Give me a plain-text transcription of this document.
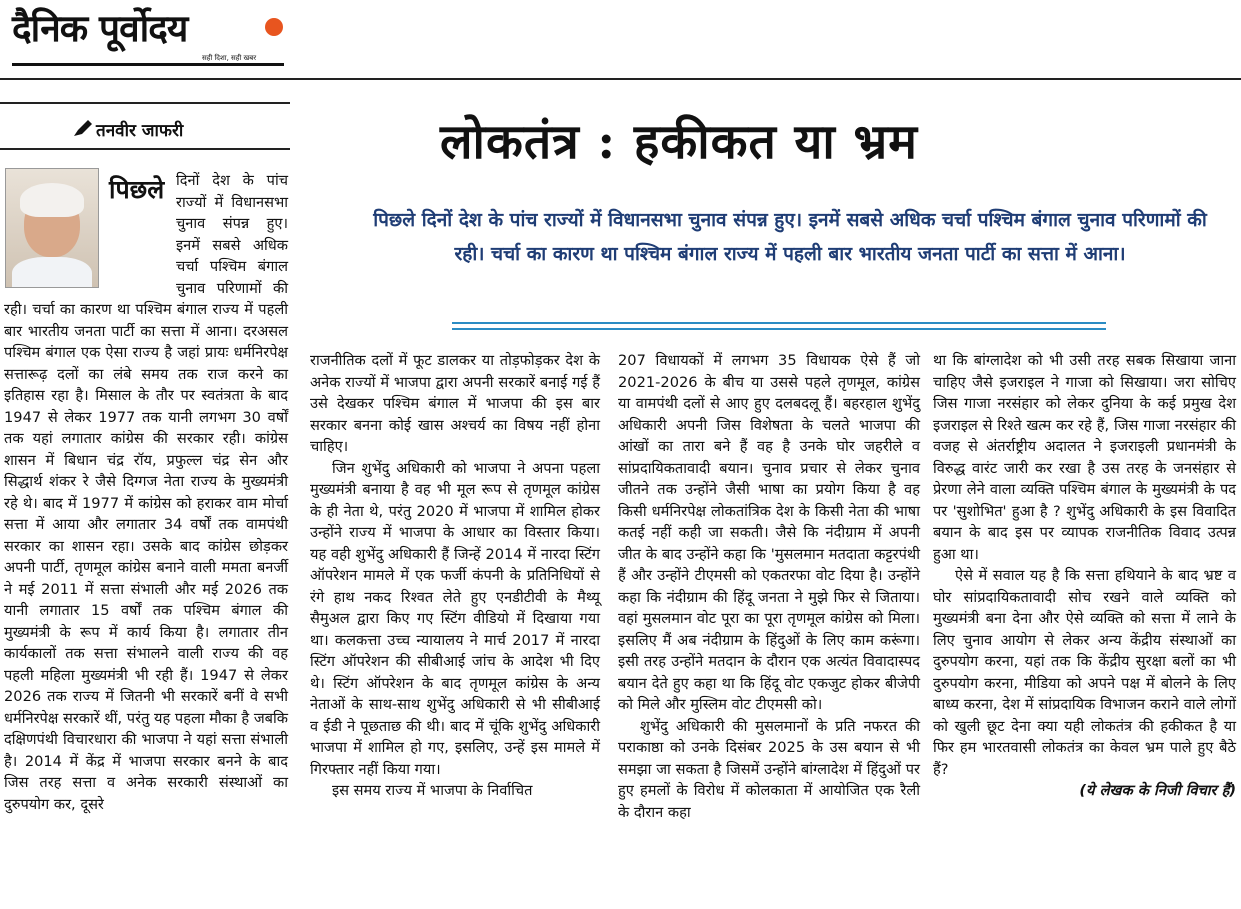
दैनिक पूर्वोदय
सही दिशा, सही खबर
तनवीर जाफरी	लोकतंत्र : हकीकत या भ्रम
पिछले दिनों देश के पांच राज्यों में विधानसभा चुनाव संपन्न हुए। इनमें सबसे अधिक चर्चा पश्चिम बंगाल चुनाव परिणामों की रही। चर्चा का कारण था पश्चिम बंगाल राज्य में पहली बार भारतीय जनता पार्टी का सत्ता में आना।
पिछले दिनों देश के पांच राज्यों में विधानसभा चुनाव संपन्न हुए। इनमें सबसे अधिक चर्चा पश्चिम बंगाल चुनाव परिणामों की रही। चर्चा का कारण था पश्चिम बंगाल राज्य में पहली बार भारतीय जनता पार्टी का सत्ता में आना। दरअसल पश्चिम बंगाल एक ऐसा राज्य है जहां प्रायः धर्मनिरपेक्ष सत्तारूढ़ दलों का लंबे समय तक राज करने का इतिहास रहा है। मिसाल के तौर पर स्वतंत्रता के बाद 1947 से लेकर 1977 तक यानी लगभग 30 वर्षों तक यहां लगातार कांग्रेस की सरकार रही। कांग्रेस शासन में बिधान चंद्र रॉय, प्रफुल्ल चंद्र सेन और सिद्धार्थ शंकर रे जैसे दिग्गज नेता राज्य के मुख्यमंत्री रहे थे। बाद में 1977 में कांग्रेस को हराकर वाम मोर्चा सत्ता में आया और लगातार 34 वर्षों तक वामपंथी सरकार का शासन रहा। उसके बाद कांग्रेस छोड़कर अपनी पार्टी, तृणमूल कांग्रेस बनाने वाली ममता बनर्जी ने मई 2011 में सत्ता संभाली और मई 2026 तक यानी लगातार 15 वर्षों तक पश्चिम बंगाल की मुख्यमंत्री के रूप में कार्य किया है। लगातार तीन कार्यकालों तक सत्ता संभालने वाली राज्य की वह पहली महिला मुख्यमंत्री भी रही हैं। 1947 से लेकर 2026 तक राज्य में जितनी भी सरकारें बनीं वे सभी धर्मनिरपेक्ष सरकारें थीं, परंतु यह पहला मौका है जबकि दक्षिणपंथी विचारधारा की भाजपा ने यहां सत्ता संभाली है। 2014 में केंद्र में भाजपा सरकार बनने के बाद जिस तरह सत्ता व अनेक सरकारी संस्थाओं का दुरुपयोग कर, दूसरे

राजनीतिक दलों में फूट डालकर या तोड़फोड़कर देश के अनेक राज्यों में भाजपा द्वारा अपनी सरकारें बनाई गई हैं उसे देखकर पश्चिम बंगाल में भाजपा की इस बार सरकार बनना कोई खास अश्चर्य का विषय नहीं होना चाहिए।

जिन शुभेंदु अधिकारी को भाजपा ने अपना पहला मुख्यमंत्री बनाया है वह भी मूल रूप से तृणमूल कांग्रेस के ही नेता थे, परंतु 2020 में भाजपा में शामिल होकर उन्होंने राज्य में भाजपा के आधार का विस्तार किया। यह वही शुभेंदु अधिकारी हैं जिन्हें 2014 में नारदा स्टिंग ऑपरेशन मामले में एक फर्जी कंपनी के प्रतिनिधियों से रंगे हाथ नकद रिश्वत लेते हुए एनडीटीवी के मैथ्यू सैमुअल द्वारा किए गए स्टिंग वीडियो में दिखाया गया था। कलकत्ता उच्च न्यायालय ने मार्च 2017 में नारदा स्टिंग ऑपरेशन की सीबीआई जांच के आदेश भी दिए थे। स्टिंग ऑपरेशन के बाद तृणमूल कांग्रेस के अन्य नेताओं के साथ-साथ शुभेंदु अधिकारी से भी सीबीआई व ईडी ने पूछताछ की थी। बाद में चूंकि शुभेंदु अधिकारी भाजपा में शामिल हो गए, इसलिए, उन्हें इस मामले में गिरफ्तार नहीं किया गया।

इस समय राज्य में भाजपा के निर्वाचित

207 विधायकों में लगभग 35 विधायक ऐसे हैं जो 2021-2026 के बीच या उससे पहले तृणमूल, कांग्रेस या वामपंथी दलों से आए हुए दलबदलू हैं। बहरहाल शुभेंदु अधिकारी अपनी जिस विशेषता के चलते भाजपा की आंखों का तारा बने हैं वह है उनके घोर जहरीले व सांप्रदायिकतावादी बयान। चुनाव प्रचार से लेकर चुनाव जीतने तक उन्होंने जैसी भाषा का प्रयोग किया है वह किसी धर्मनिरपेक्ष लोकतांत्रिक देश के किसी नेता की भाषा कतई नहीं कही जा सकती। जैसे कि नंदीग्राम में अपनी जीत के बाद उन्होंने कहा कि 'मुसलमान मतदाता कट्टरपंथी हैं और उन्होंने टीएमसी को एकतरफा वोट दिया है। उन्होंने कहा कि नंदीग्राम की हिंदू जनता ने मुझे फिर से जिताया। वहां मुसलमान वोट पूरा का पूरा तृणमूल कांग्रेस को मिला। इसलिए मैं अब नंदीग्राम के हिंदुओं के लिए काम करूंगा। इसी तरह उन्होंने मतदान के दौरान एक अत्यंत विवादास्पद बयान देते हुए कहा था कि हिंदू वोट एकजुट होकर बीजेपी को मिले और मुस्लिम वोट टीएमसी को।

शुभेंदु अधिकारी की मुसलमानों के प्रति नफरत की पराकाष्ठा को उनके दिसंबर 2025 के उस बयान से भी समझा जा सकता है जिसमें उन्होंने बांग्लादेश में हिंदुओं पर हुए हमलों के विरोध में कोलकाता में आयोजित एक रैली के दौरान कहा

था कि बांग्लादेश को भी उसी तरह सबक सिखाया जाना चाहिए जैसे इजराइल ने गाजा को सिखाया। जरा सोचिए जिस गाजा नरसंहार को लेकर दुनिया के कई प्रमुख देश इजराइल से रिश्ते खत्म कर रहे हैं, जिस गाजा नरसंहार की वजह से अंतर्राष्ट्रीय अदालत ने इजराइली प्रधानमंत्री के विरुद्ध वारंट जारी कर रखा है उस तरह के जनसंहार से प्रेरणा लेने वाला व्यक्ति पश्चिम बंगाल के मुख्यमंत्री के पद पर 'सुशोभित' हुआ है ? शुभेंदु अधिकारी के इस विवादित बयान के बाद इस पर व्यापक राजनीतिक विवाद उत्पन्न हुआ था।

ऐसे में सवाल यह है कि सत्ता हथियाने के बाद भ्रष्ट व घोर सांप्रदायिकतावादी सोच रखने वाले व्यक्ति को मुख्यमंत्री बना देना और ऐसे व्यक्ति को सत्ता में लाने के लिए चुनाव आयोग से लेकर अन्य केंद्रीय संस्थाओं का दुरुपयोग करना, यहां तक कि केंद्रीय सुरक्षा बलों का भी दुरुपयोग करना, मीडिया को अपने पक्ष में बोलने के लिए बाध्य करना, देश में सांप्रदायिक विभाजन कराने वाले लोगों को खुली छूट देना क्या यही लोकतंत्र की हकीकत है या फिर हम भारतवासी लोकतंत्र का केवल भ्रम पाले हुए बैठे हैं?

(ये लेखक के निजी विचार हैं)
